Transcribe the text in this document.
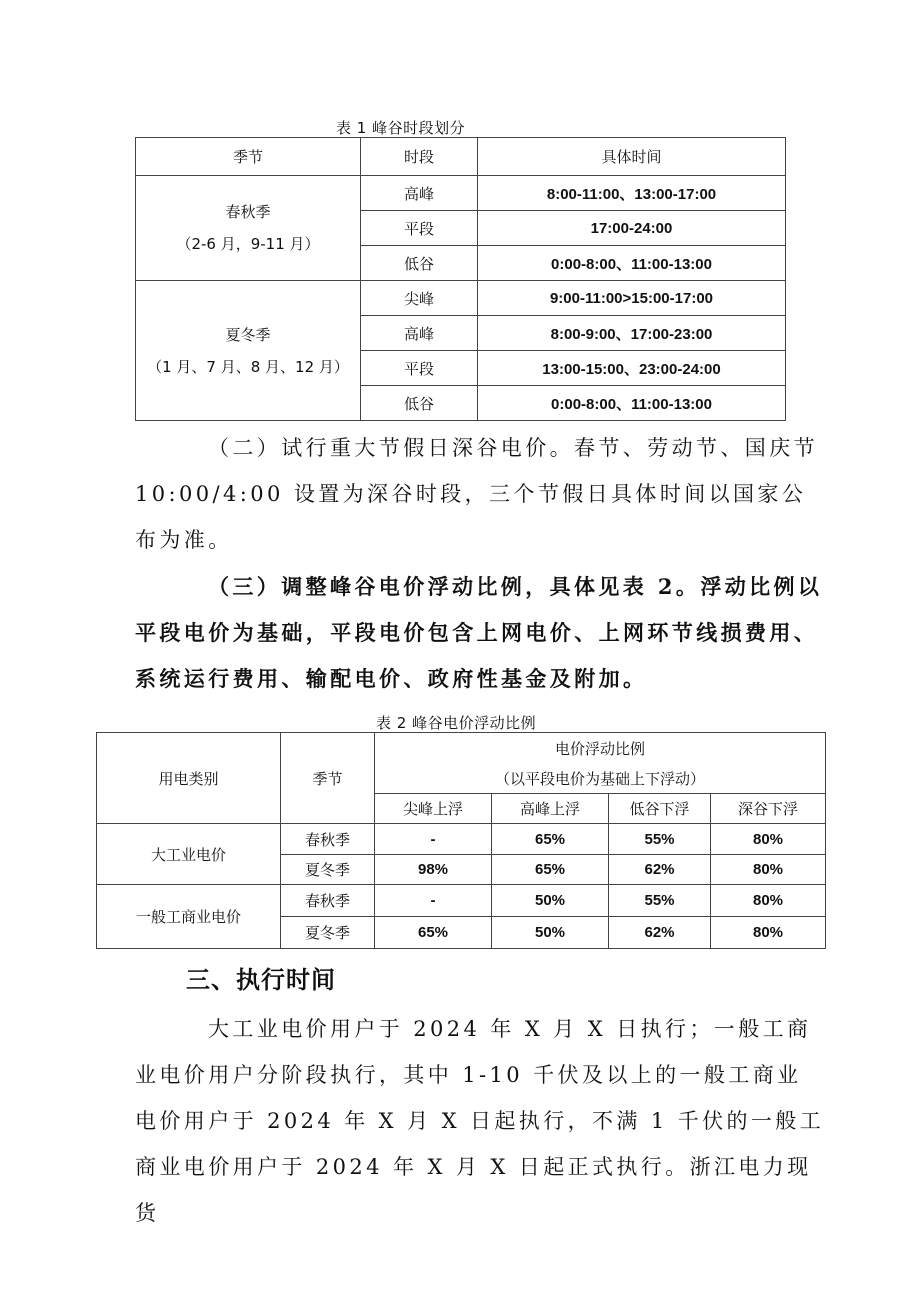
表 1 峰谷时段划分
季节	时段	具体时间

春秋季
（2-6 月，9-11 月）	高峰	8:00-11:00、13:00-17:00
	平段	17:00-24:00
	低谷	0:00-8:00、11:00-13:00

夏冬季
（1 月、7 月、8 月、12 月）	尖峰	9:00-11:00>15:00-17:00
	高峰	8:00-9:00、17:00-23:00
	平段	13:00-15:00、23:00-24:00
	低谷	0:00-8:00、11:00-13:00

（二）试行重大节假日深谷电价。春节、劳动节、国庆节 10:00/4:00 设置为深谷时段，三个节假日具体时间以国家公布为准。

（三）调整峰谷电价浮动比例，具体见表 2。浮动比例以平段电价为基础，平段电价包含上网电价、上网环节线损费用、系统运行费用、输配电价、政府性基金及附加。

表 2 峰谷电价浮动比例
用电类别	季节	电价浮动比例			
		（以平段电价为基础上下浮动）			
		尖峰上浮	高峰上浮	低谷下浮	深谷下浮
大工业电价	春秋季	-	65%	55%	80%
	夏冬季	98%	65%	62%	80%
一般工商业电价	春秋季	-	50%	55%	80%
	夏冬季	65%	50%	62%	80%
三、执行时间

大工业电价用户于 2024 年 X 月 X 日执行；一般工商业电价用户分阶段执行，其中 1-10 千伏及以上的一般工商业电价用户于 2024 年 X 月 X 日起执行，不满 1 千伏的一般工商业电价用户于 2024 年 X 月 X 日起正式执行。浙江电力现货
